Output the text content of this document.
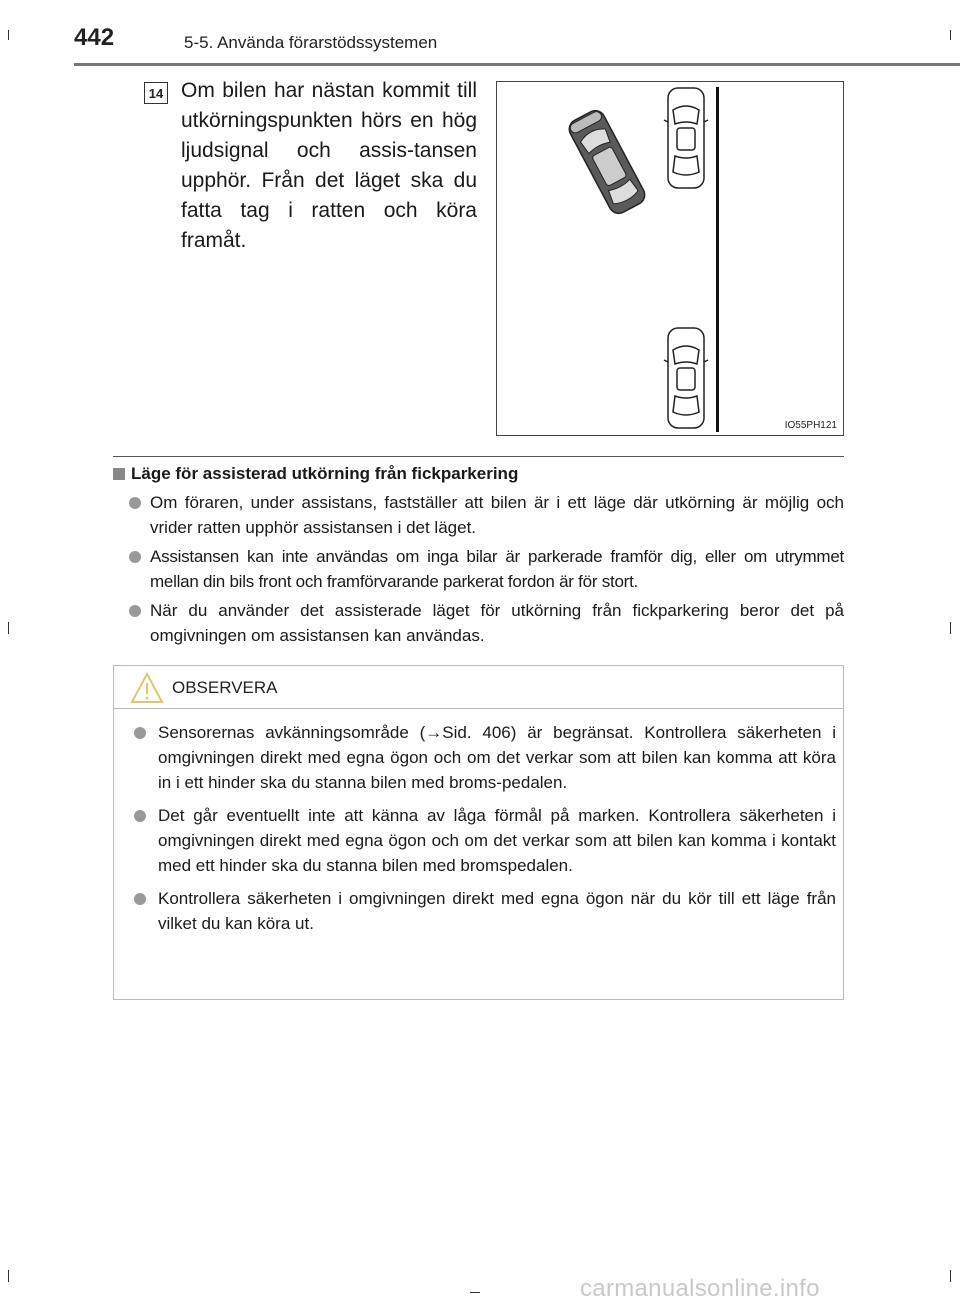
442	5-5. Använda förarstödssystemen
14 Om bilen har nästan kommit till utkörningspunkten hörs en hög ljudsignal och assis-tansen upphör. Från det läget ska du fatta tag i ratten och köra framåt.
IO55PH121
Läge för assisterad utkörning från fickparkering
Om föraren, under assistans, fastställer att bilen är i ett läge där utkörning är möjlig och vrider ratten upphör assistansen i det läget.
Assistansen kan inte användas om inga bilar är parkerade framför dig, eller om utrymmet mellan din bils front och framförvarande parkerat fordon är för stort.
När du använder det assisterade läget för utkörning från fickparkering beror det på omgivningen om assistansen kan användas.
OBSERVERA
Sensorernas avkänningsområde (→Sid. 406) är begränsat. Kontrollera säkerheten i omgivningen direkt med egna ögon och om det verkar som att bilen kan komma att köra in i ett hinder ska du stanna bilen med broms-pedalen.
Det går eventuellt inte att känna av låga förmål på marken. Kontrollera säkerheten i omgivningen direkt med egna ögon och om det verkar som att bilen kan komma i kontakt med ett hinder ska du stanna bilen med bromspedalen.
Kontrollera säkerheten i omgivningen direkt med egna ögon när du kör till ett läge från vilket du kan köra ut.
carmanualsonline.info
